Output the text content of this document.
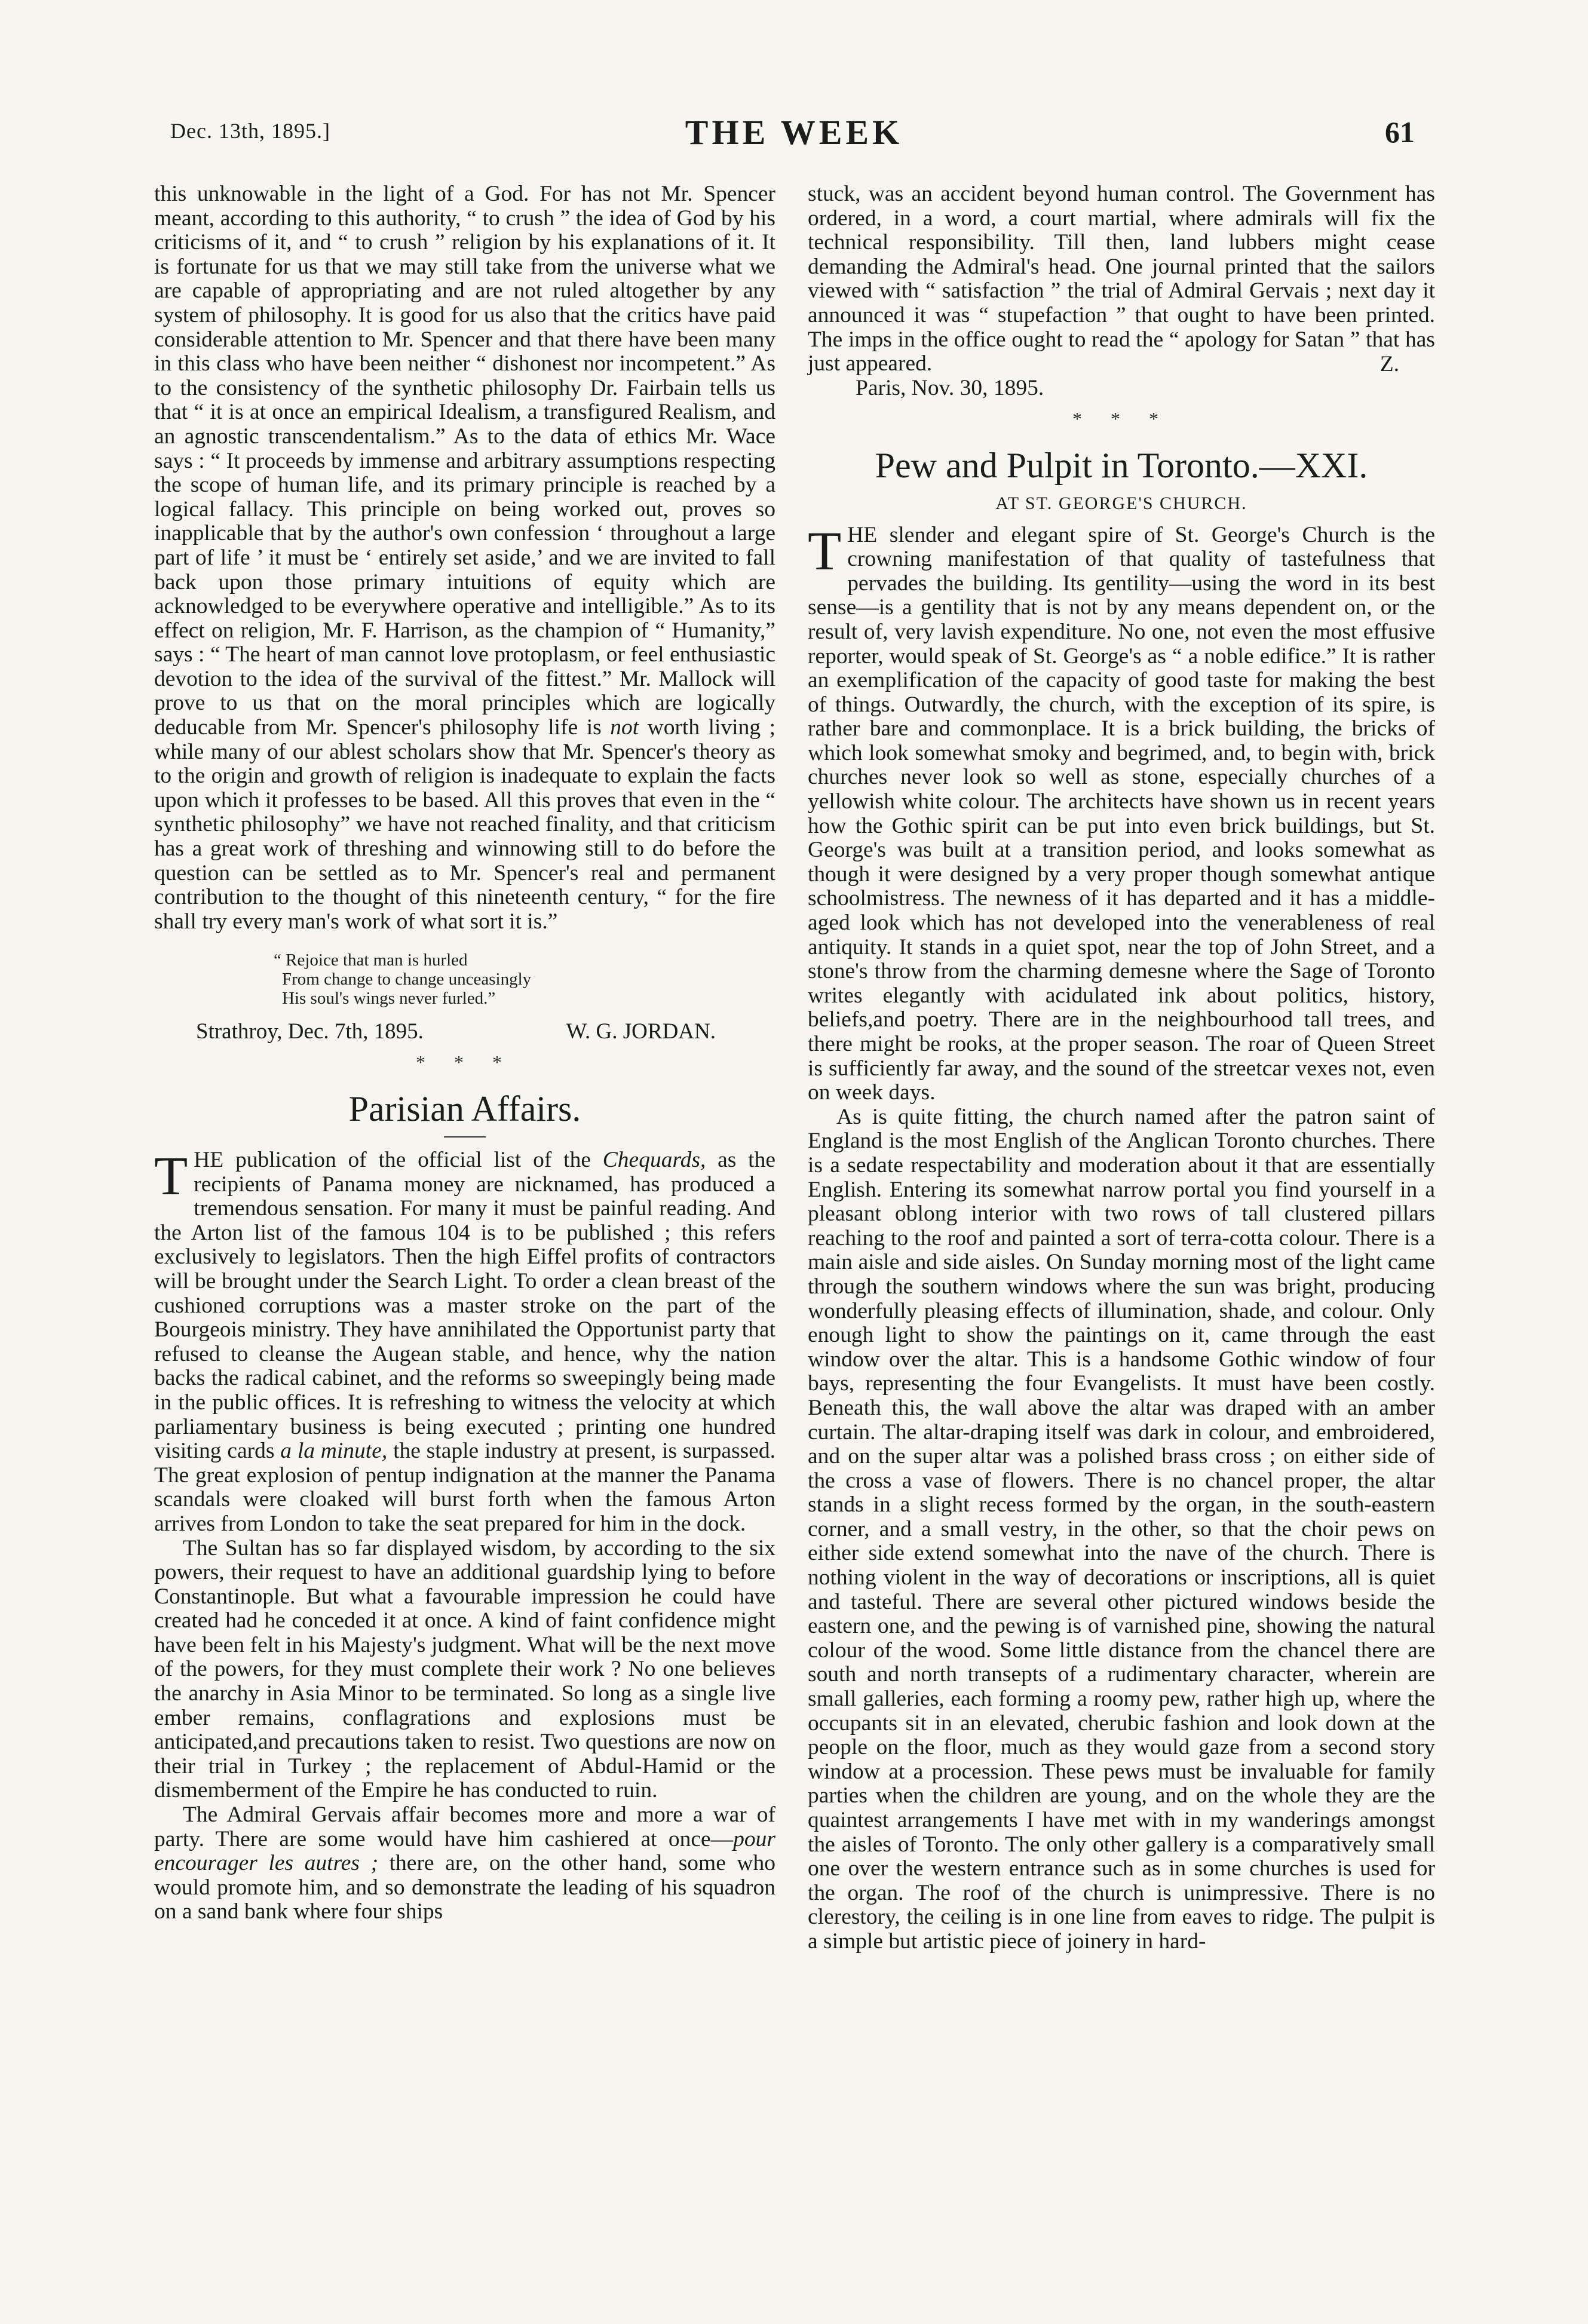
Dec. 13th, 1895.]	THE WEEK	61

this unknowable in the light of a God. For has not Mr. Spencer meant, according to this authority, “ to crush ” the idea of God by his criticisms of it, and “ to crush ” religion by his explanations of it. It is fortunate for us that we may still take from the universe what we are capable of appropriating and are not ruled altogether by any system of philosophy. It is good for us also that the critics have paid considerable attention to Mr. Spencer and that there have been many in this class who have been neither “ dishonest nor incompetent.” As to the consistency of the synthetic philosophy Dr. Fairbain tells us that “ it is at once an empirical Idealism, a transfigured Realism, and an agnostic transcendentalism.” As to the data of ethics Mr. Wace says : “ It proceeds by immense and arbitrary assumptions respecting the scope of human life, and its primary principle is reached by a logical fallacy. This principle on being worked out, proves so inapplicable that by the author's own confession ‘ throughout a large part of life ’ it must be ‘ entirely set aside,’ and we are invited to fall back upon those primary intuitions of equity which are acknowledged to be everywhere operative and intelligible.” As to its effect on religion, Mr. F. Harrison, as the champion of “ Humanity,” says : “ The heart of man cannot love protoplasm, or feel enthusiastic devotion to the idea of the survival of the fittest.” Mr. Mallock will prove to us that on the moral principles which are logically deducable from Mr. Spencer's philosophy life is not worth living ; while many of our ablest scholars show that Mr. Spencer's theory as to the origin and growth of religion is inadequate to explain the facts upon which it professes to be based. All this proves that even in the “ synthetic philosophy” we have not reached finality, and that criticism has a great work of threshing and winnowing still to do before the question can be settled as to Mr. Spencer's real and permanent contribution to the thought of this nineteenth century, “ for the fire shall try every man's work of what sort it is.”

“ Rejoice that man is hurled
From change to change unceasingly
His soul's wings never furled.”
Strathroy, Dec. 7th, 1895.	W. G. JORDAN.
* * *
Parisian Affairs.

THE publication of the official list of the Chequards, as the recipients of Panama money are nicknamed, has produced a tremendous sensation. For many it must be painful reading. And the Arton list of the famous 104 is to be published ; this refers exclusively to legislators. Then the high Eiffel profits of contractors will be brought under the Search Light. To order a clean breast of the cushioned corruptions was a master stroke on the part of the Bourgeois ministry. They have annihilated the Opportunist party that refused to cleanse the Augean stable, and hence, why the nation backs the radical cabinet, and the reforms so sweepingly being made in the public offices. It is refreshing to witness the velocity at which parliamentary business is being executed ; printing one hundred visiting cards a la minute, the staple industry at present, is surpassed. The great explosion of pentup indignation at the manner the Panama scandals were cloaked will burst forth when the famous Arton arrives from London to take the seat prepared for him in the dock.

The Sultan has so far displayed wisdom, by according to the six powers, their request to have an additional guardship lying to before Constantinople. But what a favourable impression he could have created had he conceded it at once. A kind of faint confidence might have been felt in his Majesty's judgment. What will be the next move of the powers, for they must complete their work ? No one believes the anarchy in Asia Minor to be terminated. So long as a single live ember remains, conflagrations and explosions must be anticipated,and precautions taken to resist. Two questions are now on their trial in Turkey ; the replacement of Abdul-Hamid or the dismemberment of the Empire he has conducted to ruin.

The Admiral Gervais affair becomes more and more a war of party. There are some would have him cashiered at once—pour encourager les autres ; there are, on the other hand, some who would promote him, and so demonstrate the leading of his squadron on a sand bank where four ships

stuck, was an accident beyond human control. The Government has ordered, in a word, a court martial, where admirals will fix the technical responsibility. Till then, land lubbers might cease demanding the Admiral's head. One journal printed that the sailors viewed with “ satisfaction ” the trial of Admiral Gervais ; next day it announced it was “ stupefaction ” that ought to have been printed. The imps in the office ought to read the “ apology for Satan ” that has just appeared.	Z.

Paris, Nov. 30, 1895.

* * *
Pew and Pulpit in Toronto.—XXI.
AT ST. GEORGE'S CHURCH.

THE slender and elegant spire of St. George's Church is the crowning manifestation of that quality of tastefulness that pervades the building. Its gentility—using the word in its best sense—is a gentility that is not by any means dependent on, or the result of, very lavish expenditure. No one, not even the most effusive reporter, would speak of St. George's as “ a noble edifice.” It is rather an exemplification of the capacity of good taste for making the best of things. Outwardly, the church, with the exception of its spire, is rather bare and commonplace. It is a brick building, the bricks of which look somewhat smoky and begrimed, and, to begin with, brick churches never look so well as stone, especially churches of a yellowish white colour. The architects have shown us in recent years how the Gothic spirit can be put into even brick buildings, but St. George's was built at a transition period, and looks somewhat as though it were designed by a very proper though somewhat antique schoolmistress. The newness of it has departed and it has a middle-aged look which has not developed into the venerableness of real antiquity. It stands in a quiet spot, near the top of John Street, and a stone's throw from the charming demesne where the Sage of Toronto writes elegantly with acidulated ink about politics, history, beliefs,and poetry. There are in the neighbourhood tall trees, and there might be rooks, at the proper season. The roar of Queen Street is sufficiently far away, and the sound of the streetcar vexes not, even on week days.

As is quite fitting, the church named after the patron saint of England is the most English of the Anglican Toronto churches. There is a sedate respectability and moderation about it that are essentially English. Entering its somewhat narrow portal you find yourself in a pleasant oblong interior with two rows of tall clustered pillars reaching to the roof and painted a sort of terra-cotta colour. There is a main aisle and side aisles. On Sunday morning most of the light came through the southern windows where the sun was bright, producing wonderfully pleasing effects of illumination, shade, and colour. Only enough light to show the paintings on it, came through the east window over the altar. This is a handsome Gothic window of four bays, representing the four Evangelists. It must have been costly. Beneath this, the wall above the altar was draped with an amber curtain. The altar-draping itself was dark in colour, and embroidered, and on the super altar was a polished brass cross ; on either side of the cross a vase of flowers. There is no chancel proper, the altar stands in a slight recess formed by the organ, in the south-eastern corner, and a small vestry, in the other, so that the choir pews on either side extend somewhat into the nave of the church. There is nothing violent in the way of decorations or inscriptions, all is quiet and tasteful. There are several other pictured windows beside the eastern one, and the pewing is of varnished pine, showing the natural colour of the wood. Some little distance from the chancel there are south and north transepts of a rudimentary character, wherein are small galleries, each forming a roomy pew, rather high up, where the occupants sit in an elevated, cherubic fashion and look down at the people on the floor, much as they would gaze from a second story window at a procession. These pews must be invaluable for family parties when the children are young, and on the whole they are the quaintest arrangements I have met with in my wanderings amongst the aisles of Toronto. The only other gallery is a comparatively small one over the western entrance such as in some churches is used for the organ. The roof of the church is unimpressive. There is no clerestory, the ceiling is in one line from eaves to ridge. The pulpit is a simple but artistic piece of joinery in hard-
